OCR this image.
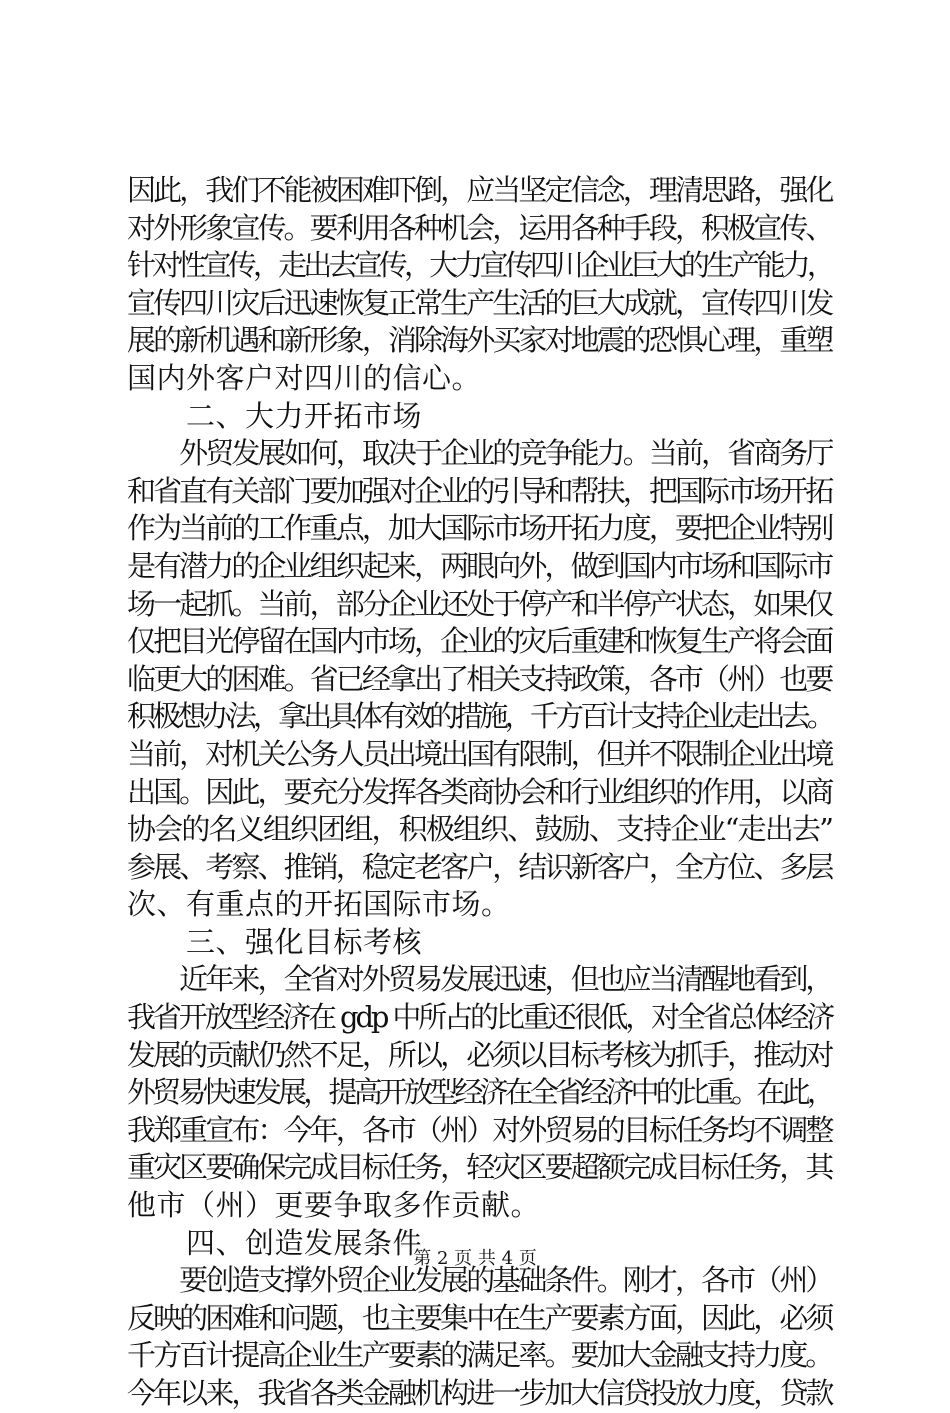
因此，我们不能被困难吓倒，应当坚定信念，理清思路，强化
对外形象宣传。要利用各种机会，运用各种手段，积极宣传、
针对性宣传，走出去宣传，大力宣传四川企业巨大的生产能力，
宣传四川灾后迅速恢复正常生产生活的巨大成就，宣传四川发
展的新机遇和新形象，消除海外买家对地震的恐惧心理，重塑
国内外客户对四川的信心。
　　二、大力开拓市场
　　外贸发展如何，取决于企业的竞争能力。当前，省商务厅
和省直有关部门要加强对企业的引导和帮扶，把国际市场开拓
作为当前的工作重点，加大国际市场开拓力度，要把企业特别
是有潜力的企业组织起来，两眼向外，做到国内市场和国际市
场一起抓。当前，部分企业还处于停产和半停产状态，如果仅
仅把目光停留在国内市场，企业的灾后重建和恢复生产将会面
临更大的困难。省已经拿出了相关支持政策，各市（州）也要
积极想办法，拿出具体有效的措施，千方百计支持企业走出去。
当前，对机关公务人员出境出国有限制，但并不限制企业出境
出国。因此，要充分发挥各类商协会和行业组织的作用，以商
协会的名义组织团组，积极组织、鼓励、支持企业“走出去”
参展、考察、推销，稳定老客户，结识新客户，全方位、多层
次、有重点的开拓国际市场。
　　三、强化目标考核
　　近年来，全省对外贸易发展迅速，但也应当清醒地看到，
我省开放型经济在 gdp 中所占的比重还很低，对全省总体经济
发展的贡献仍然不足，所以，必须以目标考核为抓手，推动对
外贸易快速发展，提高开放型经济在全省经济中的比重。在此，
我郑重宣布：今年，各市（州）对外贸易的目标任务均不调整
重灾区要确保完成目标任务，轻灾区要超额完成目标任务，其
他市（州）更要争取多作贡献。
　　四、创造发展条件
　　要创造支撑外贸企业发展的基础条件。刚才，各市（州）
反映的困难和问题，也主要集中在生产要素方面，因此，必须
千方百计提高企业生产要素的满足率。要加大金融支持力度。
今年以来，我省各类金融机构进一步加大信贷投放力度，贷款
第 2 页 共 4 页
